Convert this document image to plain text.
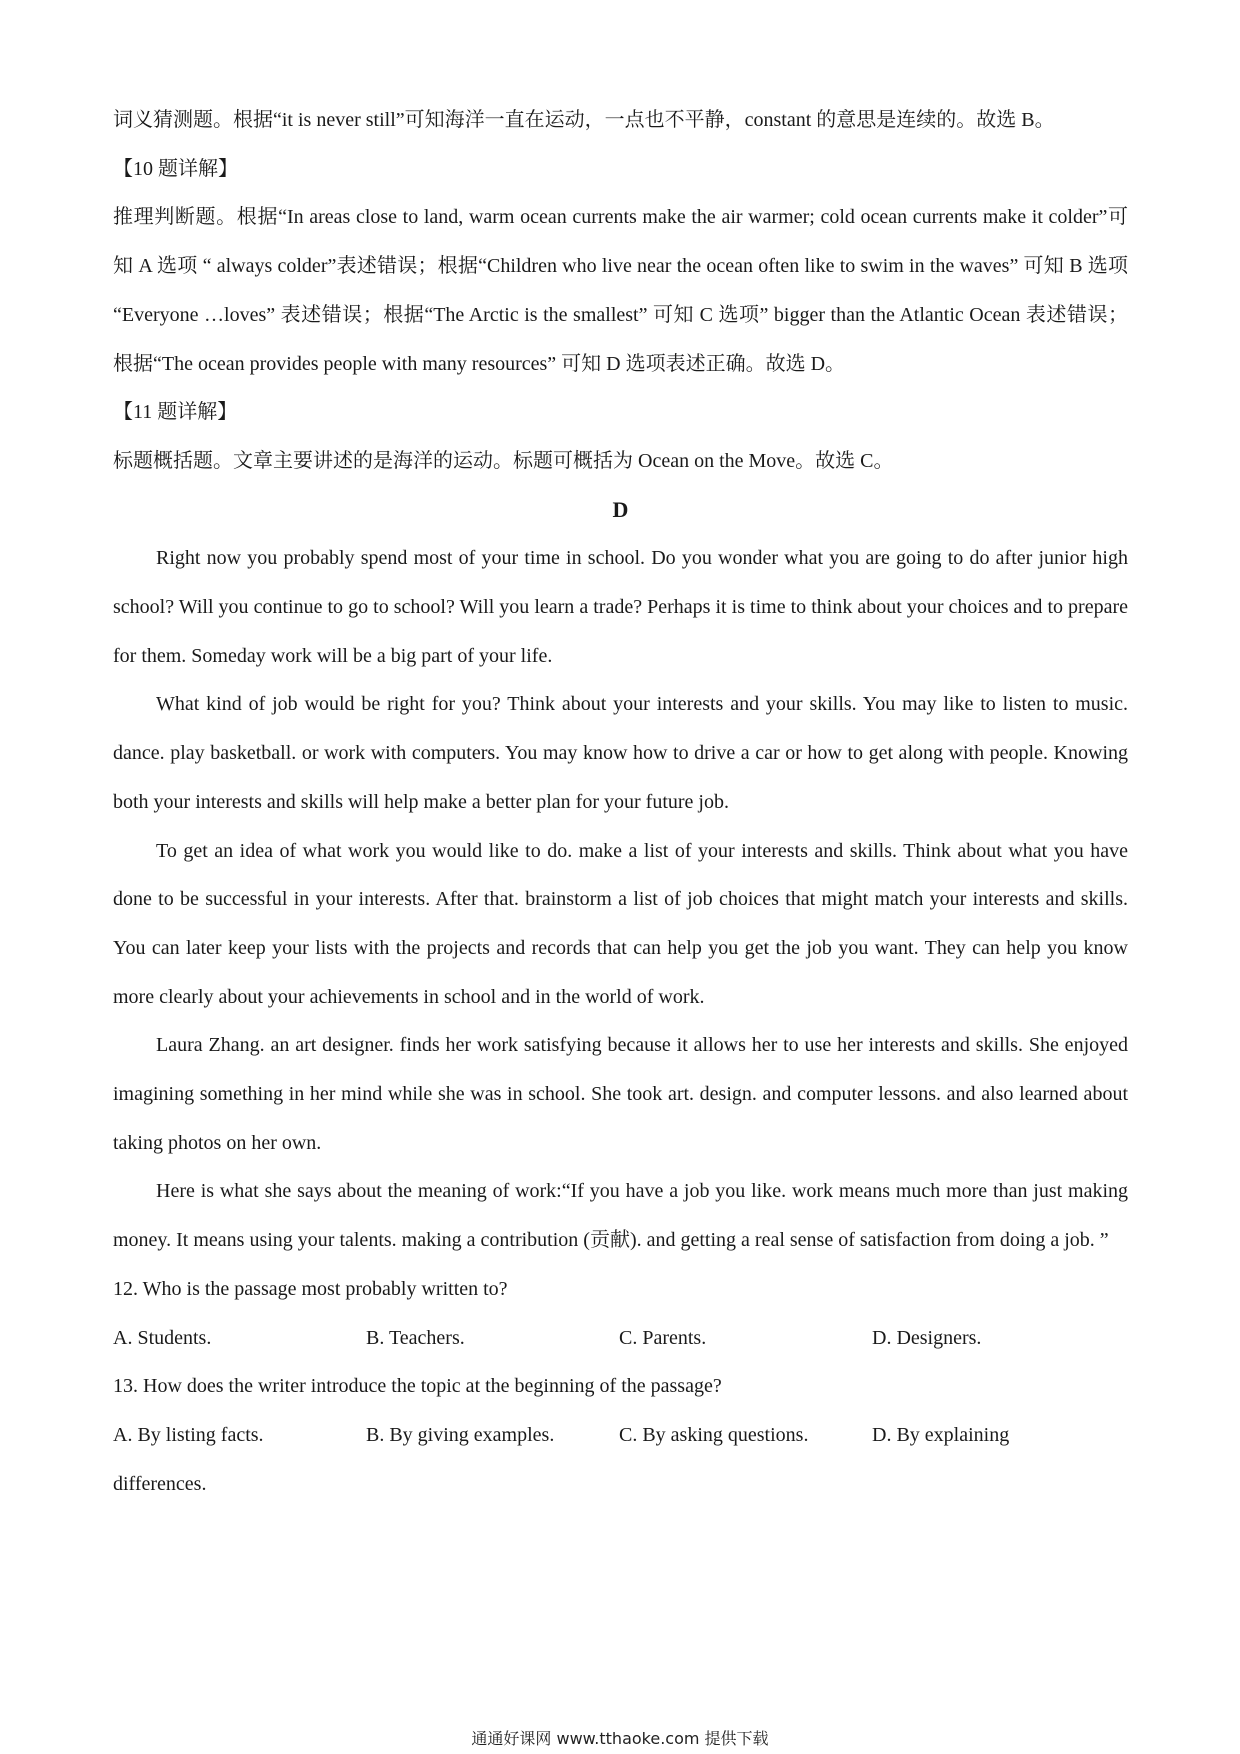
词义猜测题。根据“it is never still”可知海洋一直在运动，一点也不平静，constant 的意思是连续的。故选 B。

【10 题详解】

推理判断题。根据“In areas close to land, warm ocean currents make the air warmer; cold ocean currents make it colder”可知 A 选项 “ always colder”表述错误；根据“Children who live near the ocean often like to swim in the waves” 可知 B 选项 “Everyone …loves” 表述错误；根据“The Arctic is the smallest” 可知 C 选项” bigger than the Atlantic Ocean 表述错误；根据“The ocean provides people with many resources” 可知 D 选项表述正确。故选 D。

【11 题详解】

标题概括题。文章主要讲述的是海洋的运动。标题可概括为 Ocean on the Move。故选 C。

D

Right now you probably spend most of your time in school. Do you wonder what you are going to do after junior high school? Will you continue to go to school? Will you learn a trade? Perhaps it is time to think about your choices and to prepare for them. Someday work will be a big part of your life.

What kind of job would be right for you? Think about your interests and your skills. You may like to listen to music. dance. play basketball. or work with computers. You may know how to drive a car or how to get along with people. Knowing both your interests and skills will help make a better plan for your future job.

To get an idea of what work you would like to do. make a list of your interests and skills. Think about what you have done to be successful in your interests. After that. brainstorm a list of job choices that might match your interests and skills. You can later keep your lists with the projects and records that can help you get the job you want. They can help you know more clearly about your achievements in school and in the world of work.

Laura Zhang. an art designer. finds her work satisfying because it allows her to use her interests and skills. She enjoyed imagining something in her mind while she was in school. She took art. design. and computer lessons. and also learned about taking photos on her own.

Here is what she says about the meaning of work:“If you have a job you like. work means much more than just making money. It means using your talents. making a contribution (贡献). and getting a real sense of satisfaction from doing a job. ”

12. Who is the passage most probably written to?

A. Students.	B. Teachers.	C. Parents.	D. Designers.

13. How does the writer introduce the topic at the beginning of the passage?

A. By listing facts.	B. By giving examples.	C. By asking questions.	D. By explaining

differences.

通通好课网 www.tthaoke.com 提供下载
